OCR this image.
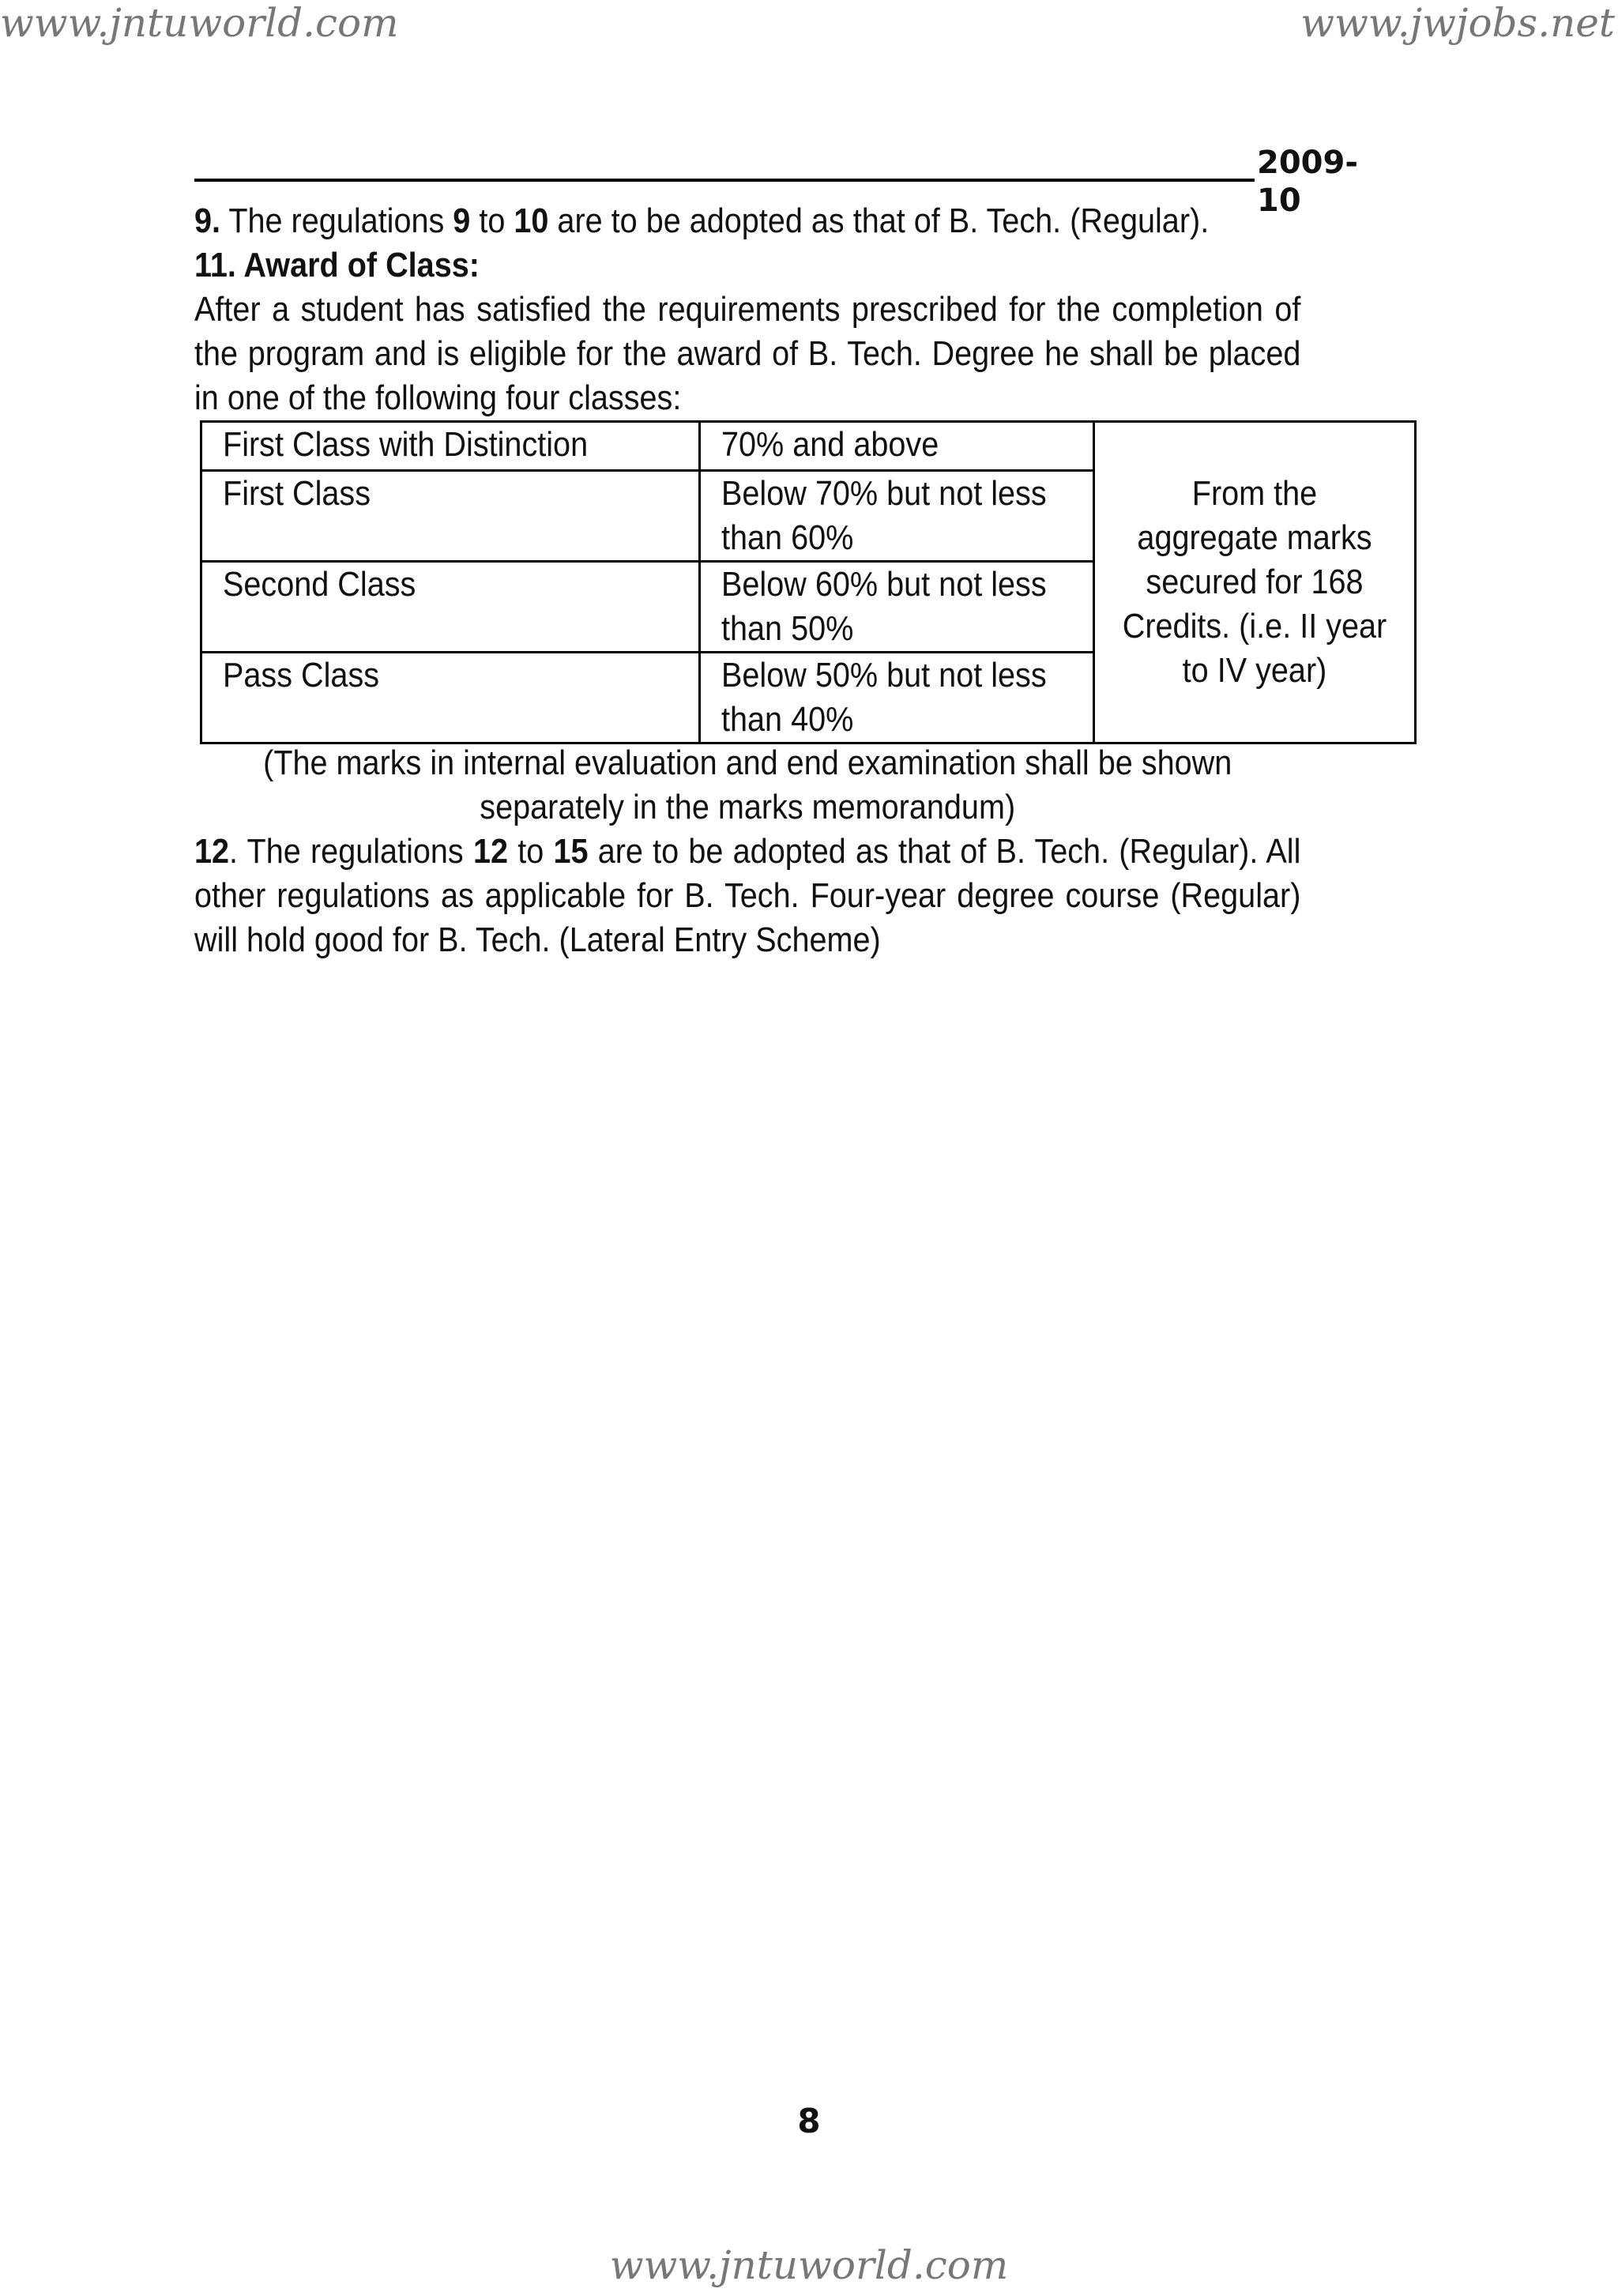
www.jntuworld.com	www.jwjobs.net
2009-10

9. The regulations 9 to 10 are to be adopted as that of B. Tech. (Regular).

11. Award of Class:

After a student has satisfied the requirements prescribed for the completion of the program and is eligible for the award of B. Tech. Degree he shall be placed in one of the following four classes:

First Class with Distinction	70% and above	From the aggregate marks secured for 168 Credits. (i.e. II year to IV year)
First Class	Below 70% but not less than 60%	
Second Class	Below 60% but not less than 50%	
Pass Class	Below 50% but not less than 40%	
(The marks in internal evaluation and end examination shall be shown separately in the marks memorandum)
12. The regulations 12 to 15 are to be adopted as that of B. Tech. (Regular). All other regulations as applicable for B. Tech. Four-year degree course (Regular) will hold good for B. Tech. (Lateral Entry Scheme)
8
www.jntuworld.com
